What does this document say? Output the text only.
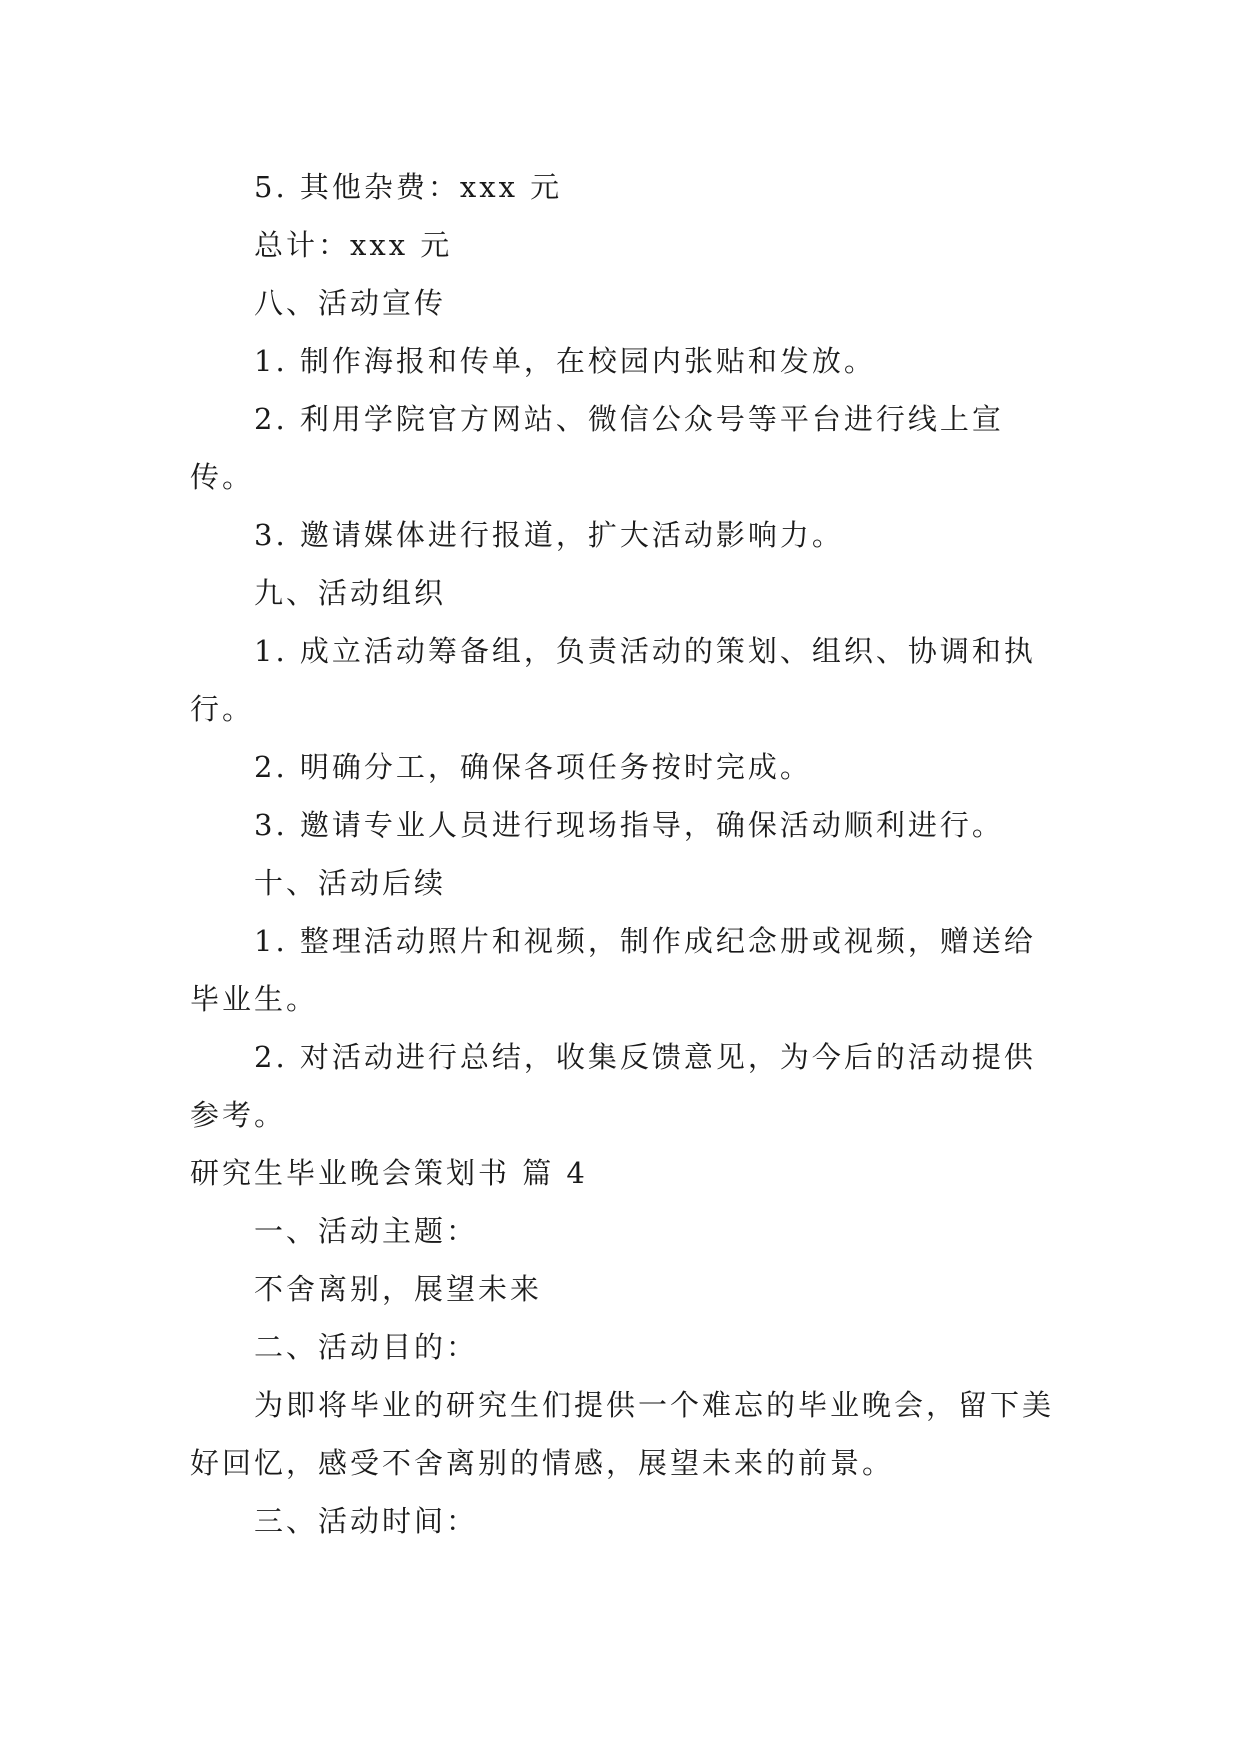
5. 其他杂费：xxx 元

总计：xxx 元

八、活动宣传

1. 制作海报和传单，在校园内张贴和发放。

2. 利用学院官方网站、微信公众号等平台进行线上宣传。

3. 邀请媒体进行报道，扩大活动影响力。

九、活动组织

1. 成立活动筹备组，负责活动的策划、组织、协调和执行。

2. 明确分工，确保各项任务按时完成。

3. 邀请专业人员进行现场指导，确保活动顺利进行。

十、活动后续

1. 整理活动照片和视频，制作成纪念册或视频，赠送给毕业生。

2. 对活动进行总结，收集反馈意见，为今后的活动提供参考。

研究生毕业晚会策划书 篇 4

一、活动主题：

不舍离别，展望未来

二、活动目的：

为即将毕业的研究生们提供一个难忘的毕业晚会，留下美好回忆，感受不舍离别的情感，展望未来的前景。

三、活动时间：
